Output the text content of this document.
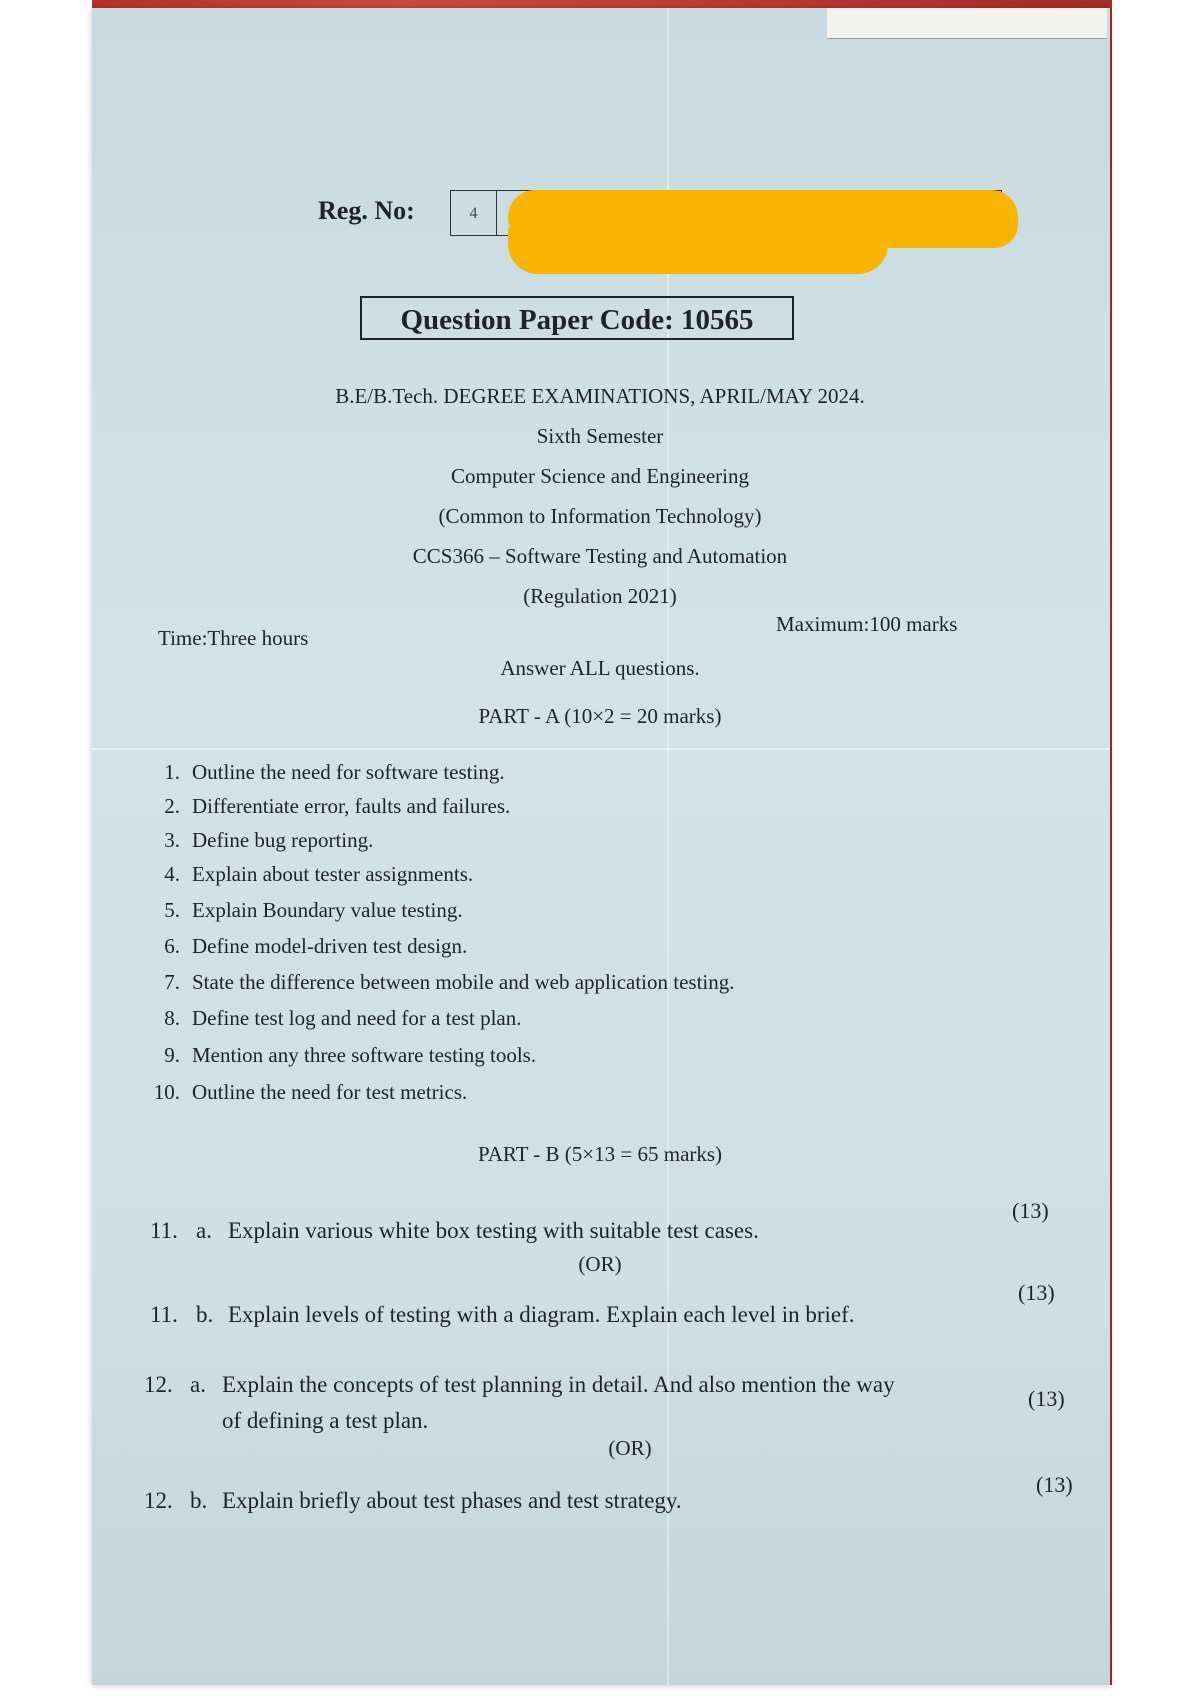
Reg. No:	4
Question Paper Code: 10565
B.E/B.Tech. DEGREE EXAMINATIONS, APRIL/MAY 2024.
Sixth Semester
Computer Science and Engineering
(Common to Information Technology)
CCS366 – Software Testing and Automation
(Regulation 2021)
Time:Three hours
Maximum:100 marks
Answer ALL questions.
PART - A (10×2 = 20 marks)
1. Outline the need for software testing.
2. Differentiate error, faults and failures.
3. Define bug reporting.
4. Explain about tester assignments.
5. Explain Boundary value testing.
6. Define model-driven test design.
7. State the difference between mobile and web application testing.
8. Define test log and need for a test plan.
9. Mention any three software testing tools.
10. Outline the need for test metrics.
PART - B (5×13 = 65 marks)
11. a. Explain various white box testing with suitable test cases.
(13)
(OR)
11. b. Explain levels of testing with a diagram. Explain each level in brief.
(13)
12. a. Explain the concepts of test planning in detail. And also mention the way
of defining a test plan.
(13)
(OR)
12. b. Explain briefly about test phases and test strategy.
(13)
